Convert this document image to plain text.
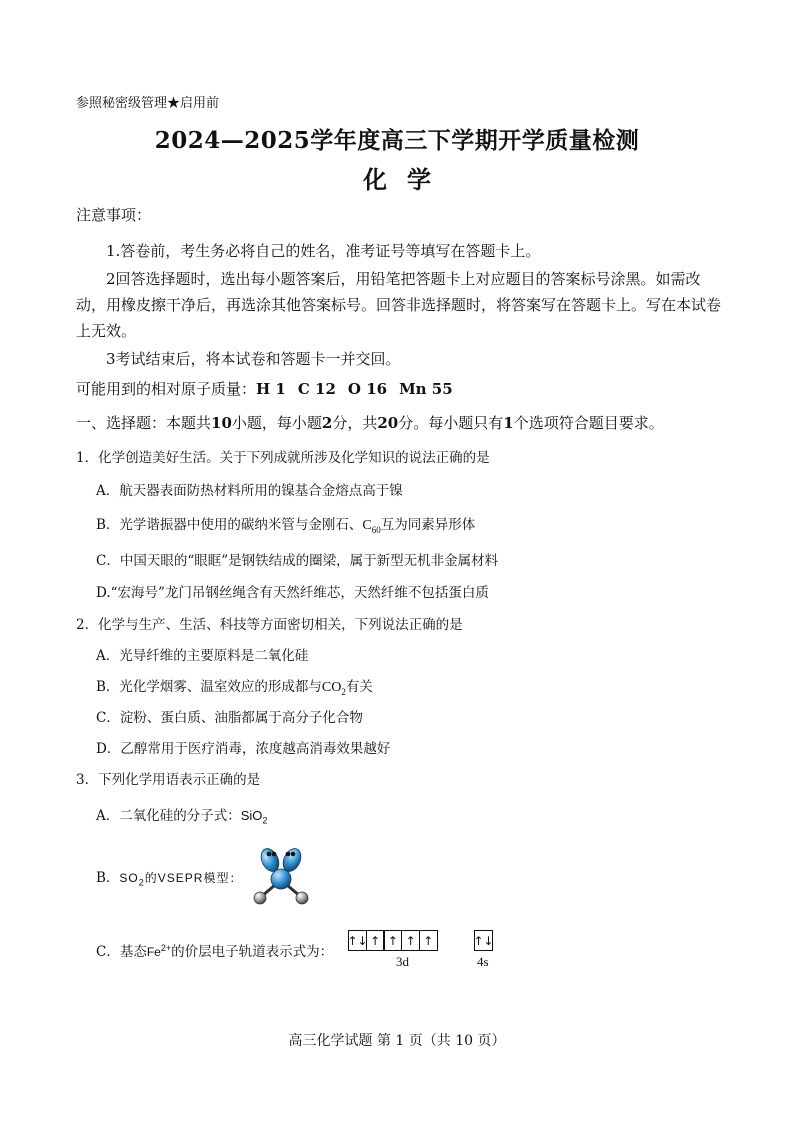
参照秘密级管理★启用前
2024—2025学年度高三下学期开学质量检测
化学
注意事项：
1.答卷前，考生务必将自己的姓名，准考证号等填写在答题卡上。
2回答选择题时，选出每小题答案后，用铅笔把答题卡上对应题目的答案标号涂黑。如需改动，用橡皮擦干净后，再选涂其他答案标号。回答非选择题时，将答案写在答题卡上。写在本试卷上无效。
3考试结束后，将本试卷和答题卡一并交回。
可能用到的相对原子质量：H 1 C 12 O 16 Mn 55
一、选择题：本题共10小题，每小题2分，共20分。每小题只有1个选项符合题目要求。
1．化学创造美好生活。关于下列成就所涉及化学知识的说法正确的是
A．航天器表面防热材料所用的镍基合金熔点高于镍
B．光学谐振器中使用的碳纳米管与金刚石、$C_{60}$互为同素异形体
C．中国天眼的“眼眶”是钢铁结成的圈梁，属于新型无机非金属材料
D.“宏海号”龙门吊钢丝绳含有天然纤维芯，天然纤维不包括蛋白质
2．化学与生产、生活、科技等方面密切相关，下列说法正确的是
A．光导纤维的主要原料是二氧化硅
B．光化学烟雾、温室效应的形成都与$CO_2$有关
C．淀粉、蛋白质、油脂都属于高分子化合物
D．乙醇常用于医疗消毒，浓度越高消毒效果越好
3．下列化学用语表示正确的是
A．二氧化硅的分子式：SiO$_2$
B．$SO_2$的VSEPR模型：
C．基态$Fe^{2+}$的价层电子轨道表示式为：
↑↓ ↑ ↑ ↑ ↑	↑↓
3d	4s
高三化学试题 第 1 页（共 10 页）
